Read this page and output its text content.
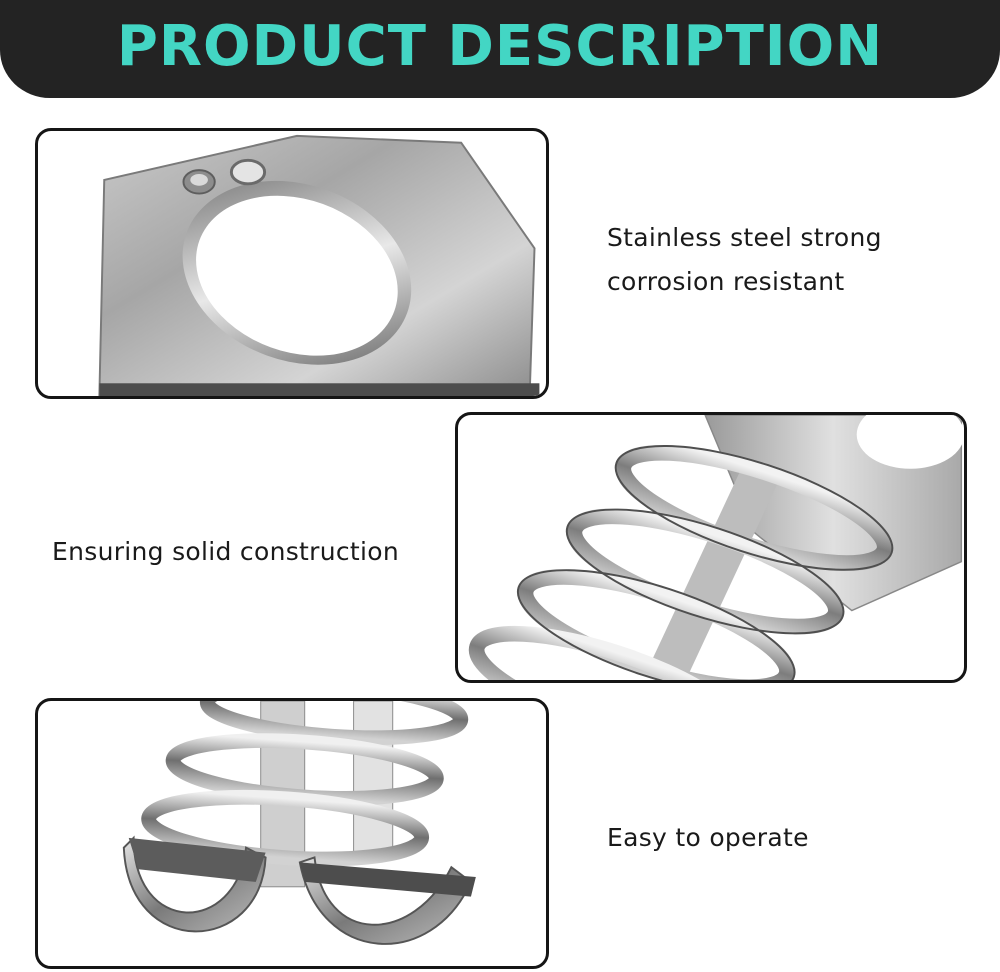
PRODUCT DESCRIPTION
Stainless steel strong
corrosion resistant
Ensuring solid construction
Easy to operate
